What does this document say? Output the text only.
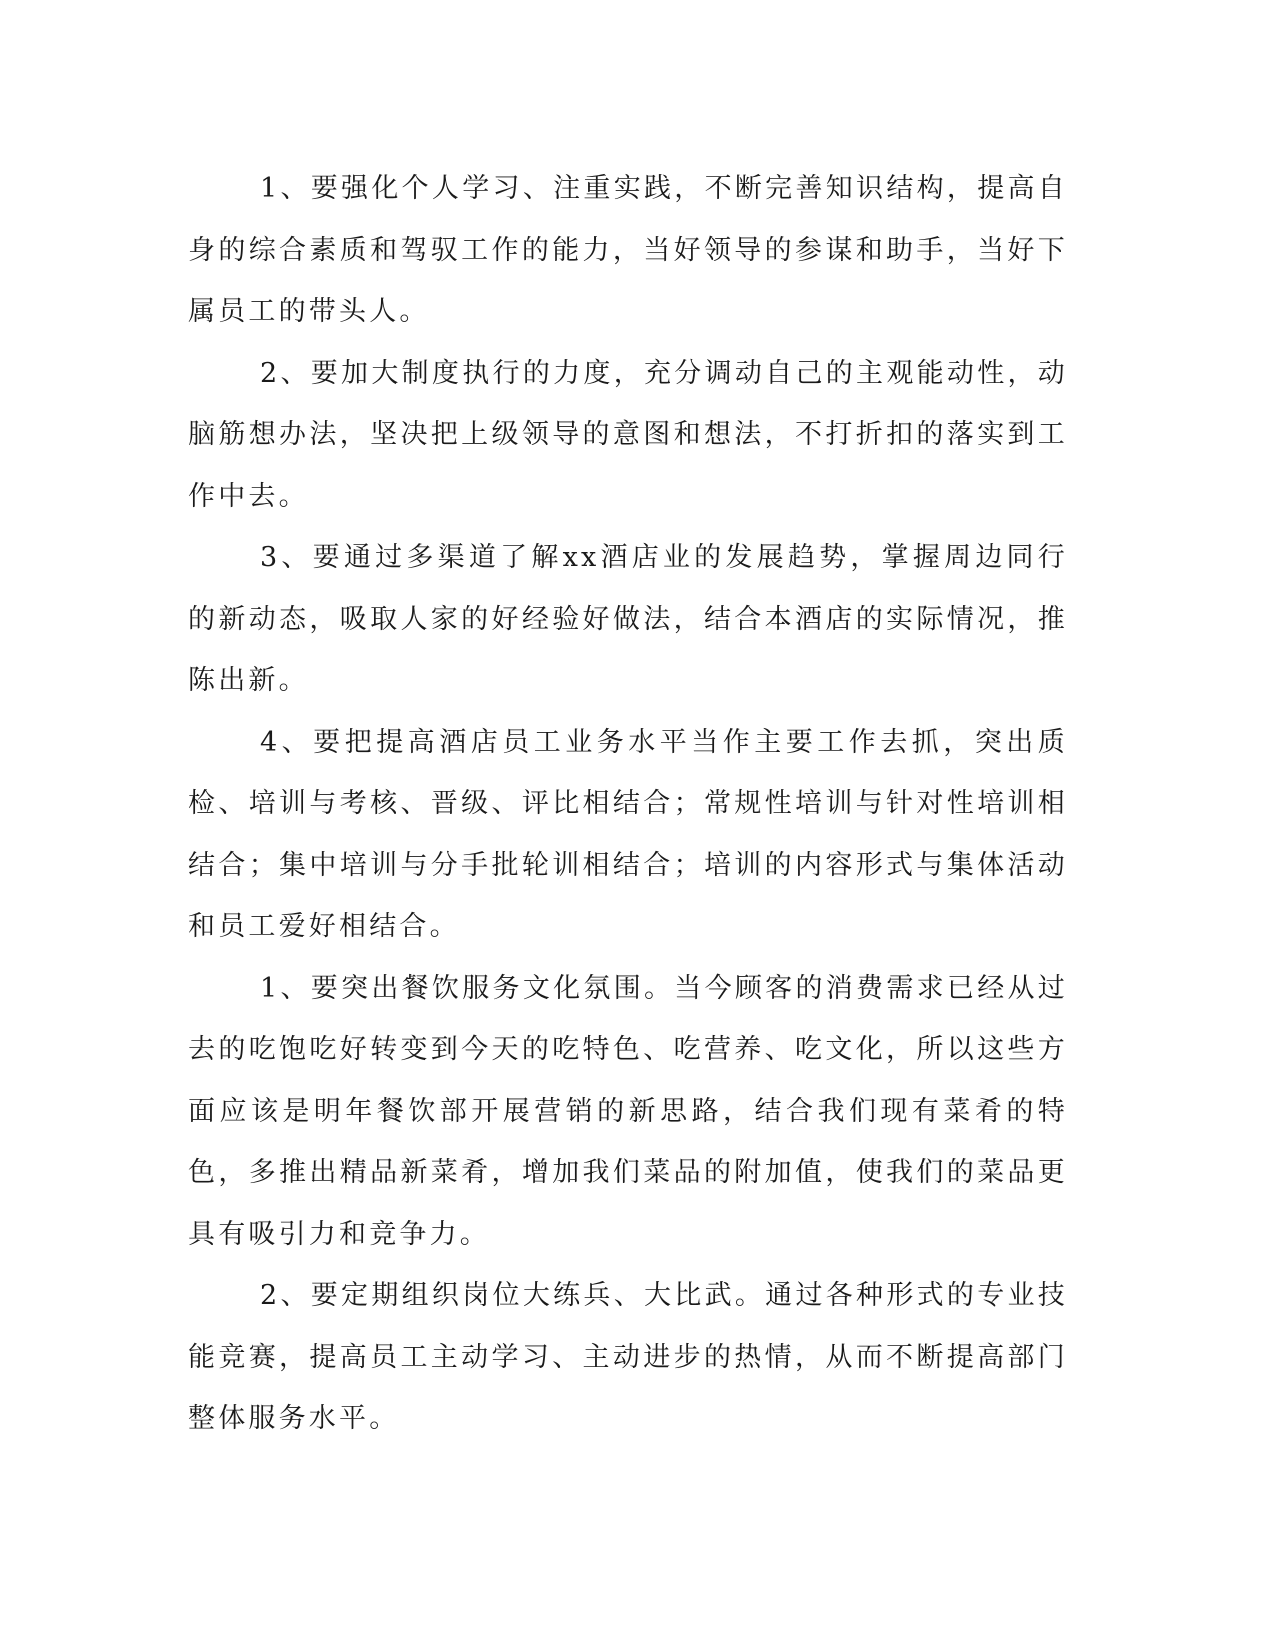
1、要强化个人学习、注重实践，不断完善知识结构，提高自身的综合素质和驾驭工作的能力，当好领导的参谋和助手，当好下属员工的带头人。

2、要加大制度执行的力度，充分调动自己的主观能动性，动脑筋想办法，坚决把上级领导的意图和想法，不打折扣的落实到工作中去。

3、要通过多渠道了解xx酒店业的发展趋势，掌握周边同行的新动态，吸取人家的好经验好做法，结合本酒店的实际情况，推陈出新。

4、要把提高酒店员工业务水平当作主要工作去抓，突出质检、培训与考核、晋级、评比相结合；常规性培训与针对性培训相结合；集中培训与分手批轮训相结合；培训的内容形式与集体活动和员工爱好相结合。

1、要突出餐饮服务文化氛围。当今顾客的消费需求已经从过去的吃饱吃好转变到今天的吃特色、吃营养、吃文化，所以这些方面应该是明年餐饮部开展营销的新思路，结合我们现有菜肴的特色，多推出精品新菜肴，增加我们菜品的附加值，使我们的菜品更具有吸引力和竞争力。

2、要定期组织岗位大练兵、大比武。通过各种形式的专业技能竞赛，提高员工主动学习、主动进步的热情，从而不断提高部门整体服务水平。
